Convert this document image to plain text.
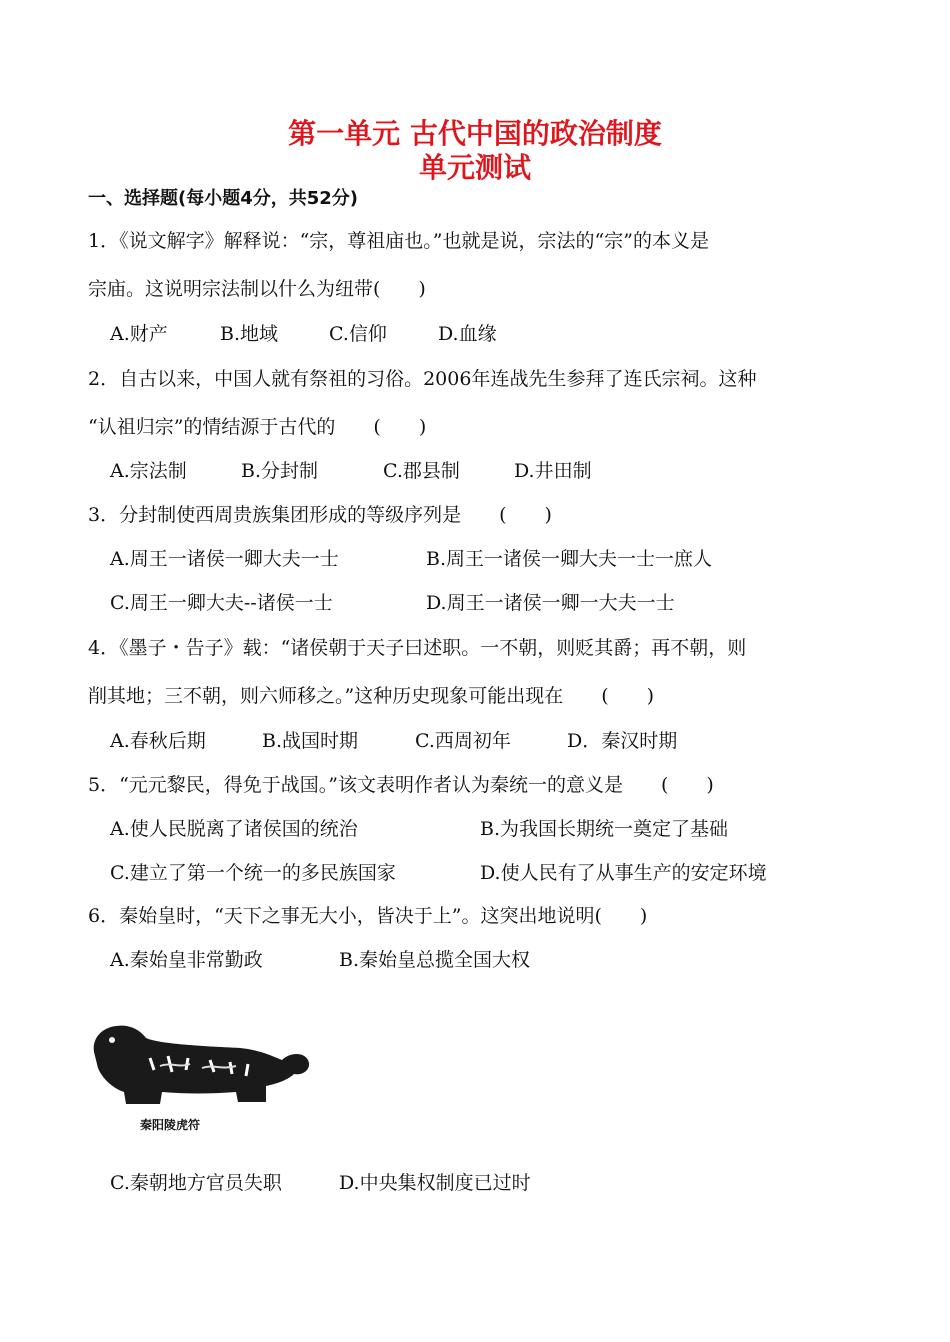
第一单元 古代中国的政治制度
单元测试
一、选择题(每小题4分，共52分)
1．《说文解字》解释说：“宗，尊祖庙也。”也就是说，宗法的“宗”的本义是
宗庙。这说明宗法制以什么为纽带(　　)
A.财产	B.地域	C.信仰	D.血缘
2．自古以来，中国人就有祭祖的习俗。2006年连战先生参拜了连氏宗祠。这种
“认祖归宗”的情结源于古代的　　(　　)
A.宗法制	B.分封制	C.郡县制	D.井田制
3．分封制使西周贵族集团形成的等级序列是　　(　　)
A.周王一诸侯一卿大夫一士	B.周王一诸侯一卿大夫一士一庶人
C.周王一卿大夫--诸侯一士	D.周王一诸侯一卿一大夫一士
4．《墨子・告子》载：“诸侯朝于天子曰述职。一不朝，则贬其爵；再不朝，则
削其地；三不朝，则六师移之。”这种历史现象可能出现在　　(　　)
A.春秋后期	B.战国时期	C.西周初年	D．秦汉时期
5．“元元黎民，得免于战国。”该文表明作者认为秦统一的意义是　　(　　)
A.使人民脱离了诸侯国的统治	B.为我国长期统一奠定了基础
C.建立了第一个统一的多民族国家	D.使人民有了从事生产的安定环境
6．秦始皇时，“天下之事无大小，皆决于上”。这突出地说明(　　)
A.秦始皇非常勤政	B.秦始皇总揽全国大权
秦阳陵虎符
C.秦朝地方官员失职	D.中央集权制度已过时
